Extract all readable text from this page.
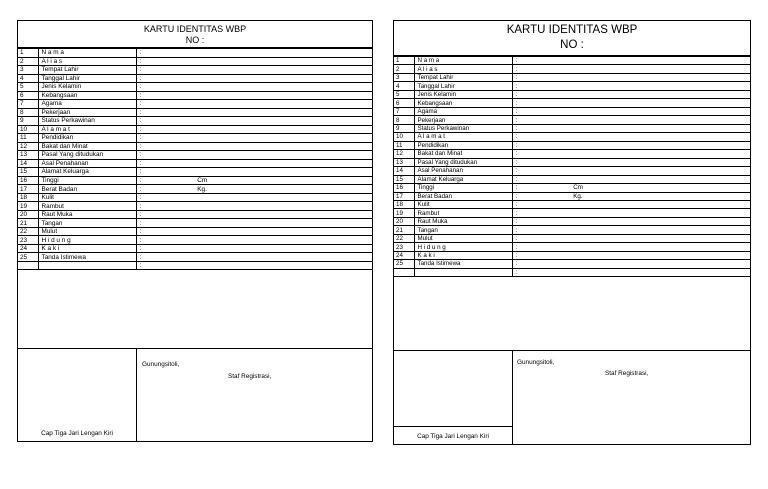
KARTU IDENTITAS WBP
NO :
1	N a m a	:
2	A l i a s	:
3	Tempat Lahir	:
4	Tanggal Lahir	:
5	Jenis Kelamin	:
6	Kebangsaan	:
7	Agama	:
8	Pekerjaan	:
9	Status Perkawinan	:
10	A l a m a t	:
11	Pendidikan	:
12	Bakat dan Minat	:
13	Pasal Yang ditudukan	:
14	Asal Penahanan	:
15	Alamat Keluarga	:
16	Tinggi	: Cm
17	Berat Badan	: Kg.
18	Kulit	:
19	Rambut	:
20	Raut Muka	:
21	Tangan	:
22	Mulut	:
23	H i d u n g	:
24	K a k i	:
25	Tanda Istimewa	:
		:
Cap Tiga Jari Lengan Kiri
Gunungsitoli,
Staf Registrasi,
KARTU IDENTITAS WBP
NO :
1	N a m a	:
2	A l i a s	:
3	Tempat Lahir	:
4	Tanggal Lahir	:
5	Jenis Kelamin	:
6	Kebangsaan	:
7	Agama	:
8	Pekerjaan	:
9	Status Perkawinan	:
10	A l a m a t	:
11	Pendidikan	:
12	Bakat dan Minat	:
13	Pasal Yang ditudukan	:
14	Asal Penahanan	:
15	Alamat Keluarga	:
16	Tinggi	: Cm
17	Berat Badan	: Kg.
18	Kulit	:
19	Rambut	:
20	Raut Muka	:
21	Tangan	:
22	Mulut	:
23	H i d u n g	:
24	K a k i	:
25	Tanda Istimewa	:
		:
Cap Tiga Jari Lengan Kiri
Gunungsitoli,
Staf Registrasi,
